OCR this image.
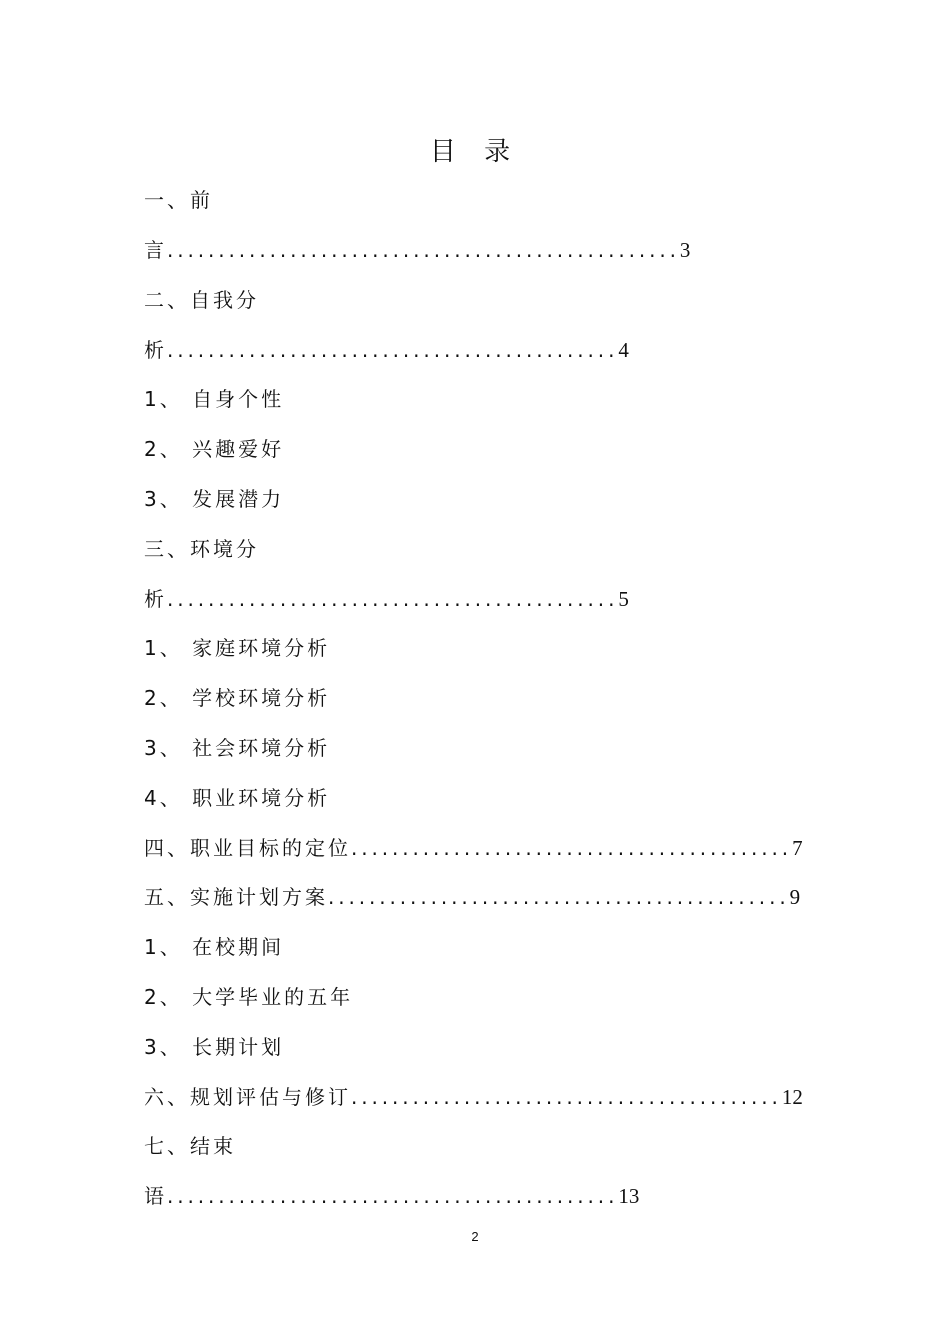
目 录
一、前
言..................................................3
二、自我分
析............................................4
1、 自身个性
2、 兴趣爱好
3、 发展潜力
三、环境分
析............................................5
1、 家庭环境分析
2、 学校环境分析
3、 社会环境分析
4、 职业环境分析
四、职业目标的定位...........................................7
五、实施计划方案.............................................9
1、 在校期间
2、 大学毕业的五年
3、 长期计划
六、规划评估与修订..........................................12
七、结束
语............................................13
2
